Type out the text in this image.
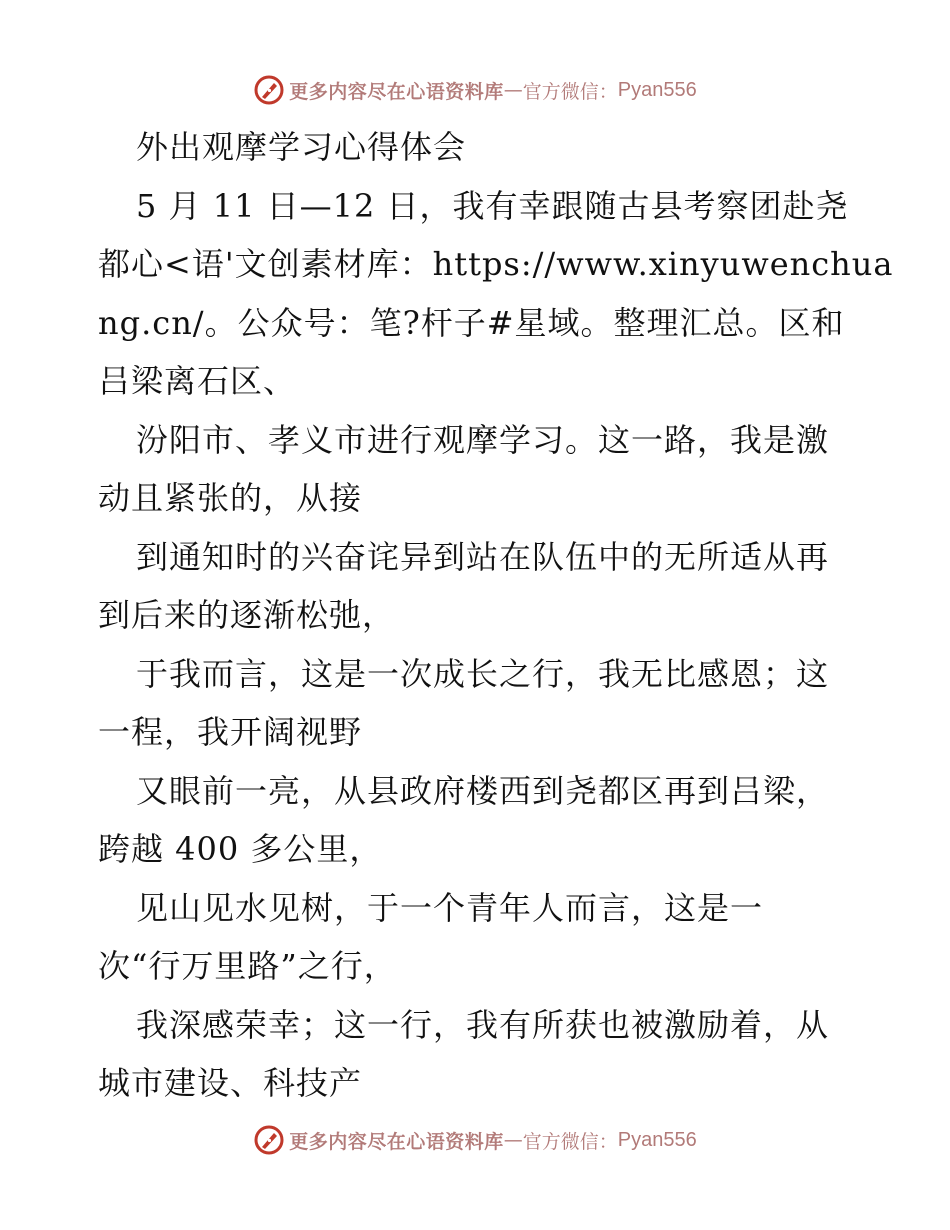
更多内容尽在心语资料库 — 官方微信： Pyan556
外出观摩学习心得体会
5 月 11 日—12 日，我有幸跟随古县考察团赴尧
都心<语'文创素材库：https://www.xinyuwenchua
ng.cn/。公众号：笔?杆子#星域。整理汇总。区和
吕梁离石区、
汾阳市、孝义市进行观摩学习。这一路，我是激
动且紧张的，从接
到通知时的兴奋诧异到站在队伍中的无所适从再
到后来的逐渐松弛，
于我而言，这是一次成长之行，我无比感恩；这
一程，我开阔视野
又眼前一亮，从县政府楼西到尧都区再到吕梁，
跨越 400 多公里，
见山见水见树，于一个青年人而言，这是一
次“行万里路”之行，
我深感荣幸；这一行，我有所获也被激励着，从
城市建设、科技产
更多内容尽在心语资料库 — 官方微信： Pyan556
